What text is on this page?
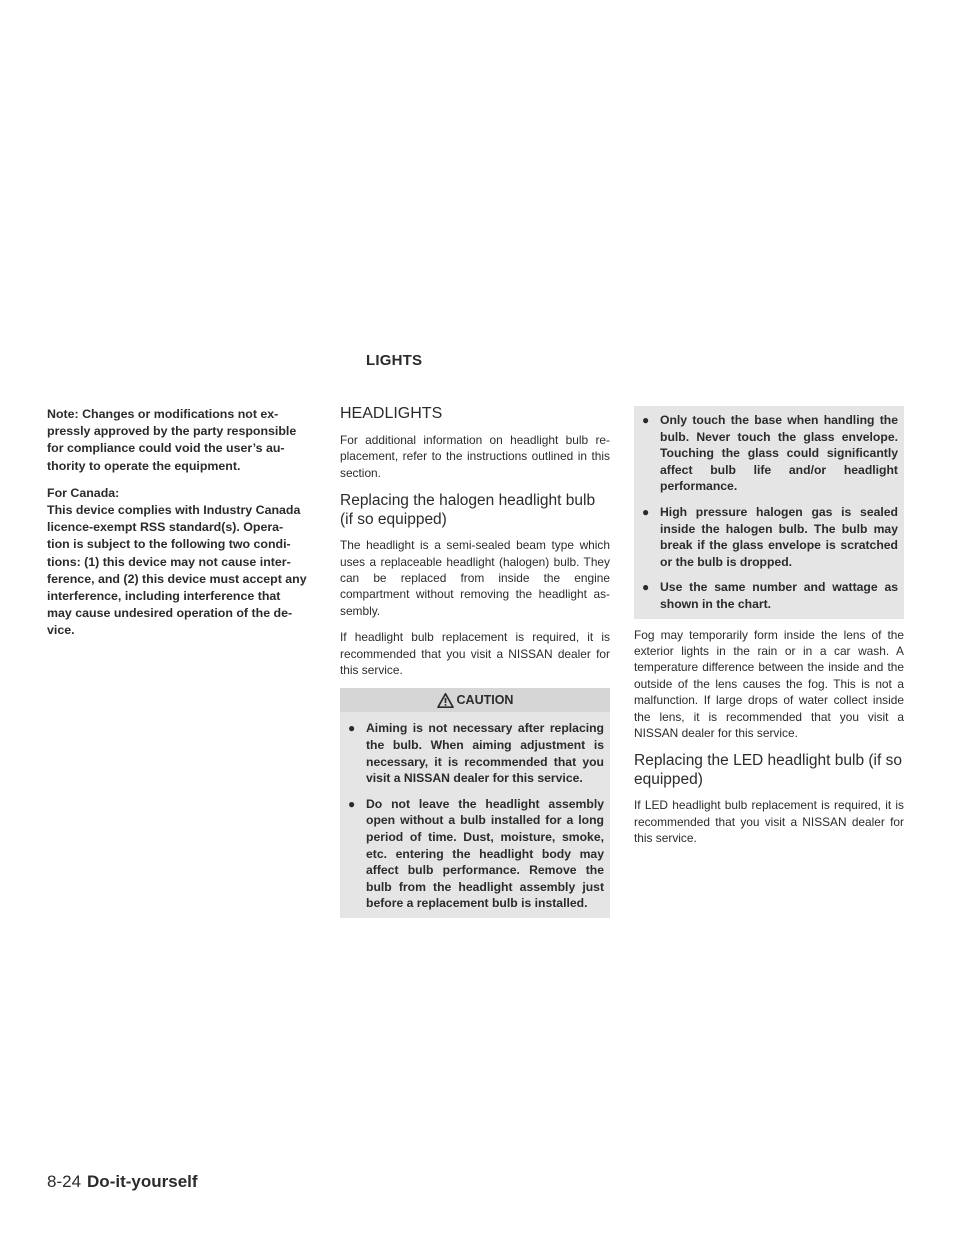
LIGHTS
Note: Changes or modifications not ex-
pressly approved by the party responsible
for compliance could void the user’s au-
thority to operate the equipment.
For Canada:
This device complies with Industry Canada
licence-exempt RSS standard(s). Opera-
tion is subject to the following two condi-
tions: (1) this device may not cause inter-
ference, and (2) this device must accept any
interference, including interference that
may cause undesired operation of the de-
vice.
HEADLIGHTS

For additional information on headlight bulb re-placement, refer to the instructions outlined in this section.

Replacing the halogen headlight bulb (if so equipped)

The headlight is a semi-sealed beam type which uses a replaceable headlight (halogen) bulb. They can be replaced from inside the engine compartment without removing the headlight as-sembly.

If headlight bulb replacement is required, it is recommended that you visit a NISSAN dealer for this service.

CAUTION
● Aiming is not necessary after replacing the bulb. When aiming adjustment is necessary, it is recommended that you visit a NISSAN dealer for this service.
● Do not leave the headlight assembly open without a bulb installed for a long period of time. Dust, moisture, smoke, etc. entering the headlight body may affect bulb performance. Remove the bulb from the headlight assembly just before a replacement bulb is installed.
● Only touch the base when handling the bulb. Never touch the glass envelope. Touching the glass could significantly affect bulb life and/or headlight performance.
● High pressure halogen gas is sealed inside the halogen bulb. The bulb may break if the glass envelope is scratched or the bulb is dropped.
● Use the same number and wattage as shown in the chart.

Fog may temporarily form inside the lens of the exterior lights in the rain or in a car wash. A temperature difference between the inside and the outside of the lens causes the fog. This is not a malfunction. If large drops of water collect inside the lens, it is recommended that you visit a NISSAN dealer for this service.

Replacing the LED headlight bulb (if so equipped)

If LED headlight bulb replacement is required, it is recommended that you visit a NISSAN dealer for this service.

8-24 Do-it-yourself
